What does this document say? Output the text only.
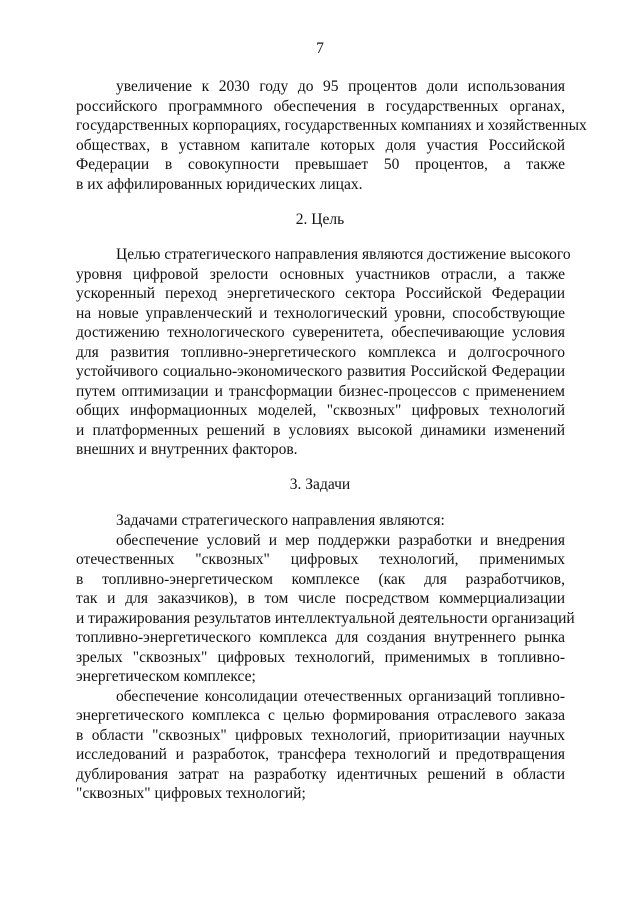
7
увеличение к 2030 году до 95 процентов доли использования
российского программного обеспечения в государственных органах,
государственных корпорациях, государственных компаниях и хозяйственных
обществах, в уставном капитале которых доля участия Российской
Федерации в совокупности превышает 50 процентов, а также
в их аффилированных юридических лицах.
2. Цель
Целью стратегического направления являются достижение высокого
уровня цифровой зрелости основных участников отрасли, а также
ускоренный переход энергетического сектора Российской Федерации
на новые управленческий и технологический уровни, способствующие
достижению технологического суверенитета, обеспечивающие условия
для развития топливно-энергетического комплекса и долгосрочного
устойчивого социально-экономического развития Российской Федерации
путем оптимизации и трансформации бизнес-процессов с применением
общих информационных моделей, "сквозных" цифровых технологий
и платформенных решений в условиях высокой динамики изменений
внешних и внутренних факторов.
3. Задачи
Задачами стратегического направления являются:
обеспечение условий и мер поддержки разработки и внедрения
отечественных "сквозных" цифровых технологий, применимых
в топливно-энергетическом комплексе (как для разработчиков,
так и для заказчиков), в том числе посредством коммерциализации
и тиражирования результатов интеллектуальной деятельности организаций
топливно-энергетического комплекса для создания внутреннего рынка
зрелых "сквозных" цифровых технологий, применимых в топливно-
энергетическом комплексе;
обеспечение консолидации отечественных организаций топливно-
энергетического комплекса с целью формирования отраслевого заказа
в области "сквозных" цифровых технологий, приоритизации научных
исследований и разработок, трансфера технологий и предотвращения
дублирования затрат на разработку идентичных решений в области
"сквозных" цифровых технологий;
